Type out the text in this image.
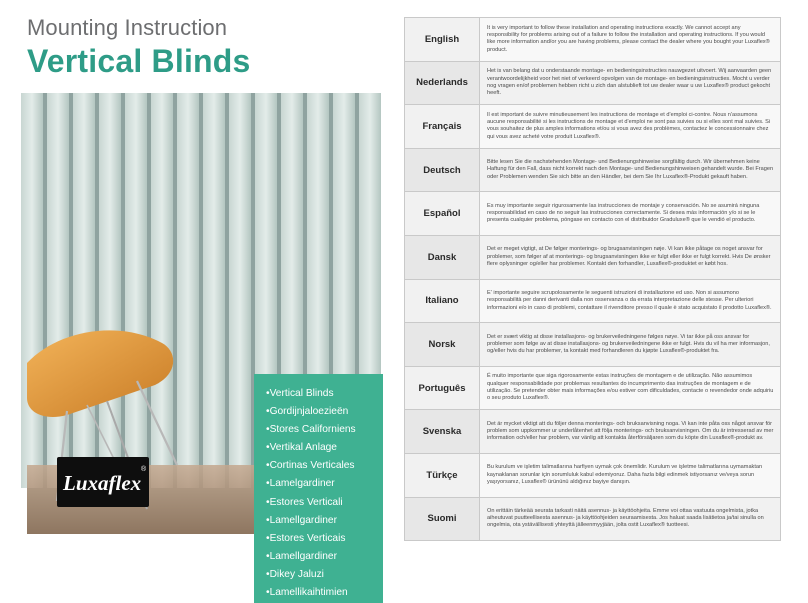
Mounting Instruction
Vertical Blinds
• Vertical Blinds
• Gordijnjaloezieën
• Stores Californiens
• Vertikal Anlage
• Cortinas Verticales
• Lamelgardiner
• Estores Verticali
• Lamellgardiner
• Estores Verticais
• Lamellgardiner
• Dikey Jaluzi
• Lamellikaihtimien
Luxaflex
®
English	It is very important to follow these installation and operating instructions exactly. We cannot accept any responsibility for problems arising out of a failure to follow the installation and operating instructions. If you would like more information and/or you are having problems, please contact the dealer where you bought your Luxaflex® product.
Nederlands	Het is van belang dat u onderstaande montage- en bedieningsinstructies nauwgezet uitvoert. Wij aanvaarden geen verantwoordelijkheid voor het niet of verkeerd opvolgen van de montage- en bedieningsinstructies. Mocht u verder nog vragen en/of problemen hebben richt u zich dan alstublieft tot uw dealer waar u uw Luxaflex® product gekocht heeft.
Français	Il est important de suivre minutieusement les instructions de montage et d'emploi ci-contre. Nous n'assumons aucune responsabilité si les instructions de montage et d'emploi ne sont pas suivies ou si elles sont mal suivies. Si vous souhaitez de plus amples informations et/ou si vous avez des problèmes, contactez le concessionnaire chez qui vous avez acheté votre produit Luxaflex®.
Deutsch	Bitte lesen Sie die nachstehenden Montage- und Bedienungshinweise sorgfältig durch. Wir übernehmen keine Haftung für den Fall, dass nicht korrekt nach den Montage- und Bedienungshinweisen gehandelt wurde. Bei Fragen oder Problemen wenden Sie sich bitte an den Händler, bei dem Sie Ihr Luxaflex®-Produkt gekauft haben.
Español	Es muy importante seguir rigurosamente las instrucciones de montaje y conservación. No se asumirá ninguna responsabilidad en caso de no seguir las instrucciones correctamente. Si desea más información y/o si se le presenta cualquier problema, póngase en contacto con el distribuidor Graduluxe® que le vendió el producto.
Dansk	Det er meget vigtigt, at De følger monterings- og brugsanvisningen nøje. Vi kan ikke påtage os noget ansvar for problemer, som følger af at monterings- og brugsanvisningen ikke er fulgt eller ikke er fulgt korrekt. Hvis De ønsker flere oplysninger og/eller har problemer. Kontakt den forhandler, Luxaflex®-produktet er købt hos.
Italiano	E' importante seguire scrupolosamente le seguenti istruzioni di installazione ed uso. Non si assumono responsabilità per danni derivanti dalla non osservanza o da errata interpretazione delle stesse. Per ulteriori informazioni e/o in caso di problemi, contattare il rivenditore presso il quale è stato acquistato il prodotto Luxaflex®.
Norsk	Det er svært viktig at disse installasjons- og brukerveiledningene følges nøye. Vi tar ikke på oss ansvar for problemer som følge av at disse installasjons- og brukerveiledningene ikke er fulgt. Hvis du vil ha mer informasjon, og/eller hvis du har problemer, ta kontakt med forhandleren du kjøpte Luxaflex®-produktet fra.
Português	É muito importante que siga rigorosamente estas instruções de montagem e de utilização. Não assumimos qualquer responsabilidade por problemas resultantes do incumprimento das instruções de montagem e de utilização. Se pretender obter mais informações e/ou estiver com dificuldades, contacte o revendedor onde adquiriu o seu produto Luxaflex®.
Svenska	Det är mycket viktigt att du följer denna monterings- och bruksanvisning noga. Vi kan inte påta oss något ansvar för problem som uppkommer ur underlåtenhet att följa monterings- och bruksanvisningen. Om du är intresserad av mer information och/eller har problem, var vänlig att kontakta återförsäljaren som du köpte din Luxaflex®-produkt av.
Türkçe	Bu kurulum ve işletim talimatlarına harfiyen uymak çok önemlidir. Kurulum ve işletme talimatlarına uymamaktan kaynaklanan sorunlar için sorumluluk kabul edemiyoruz. Daha fazla bilgi edinmek istiyorsanız ve/veya sorun yaşıyorsanız, Luxaflex® ürününü aldığınız bayiye danışın.
Suomi	On erittäin tärkeää seurata tarkasti näitä asennus- ja käyttöohjeita. Emme voi ottaa vastuuta ongelmista, jotka aiheutuvat puutteellisesta asennus- ja käyttöohjeiden seuraamisesta. Jos haluat saada lisätietoa ja/tai sinulla on ongelmia, ota ystävällisesti yhteyttä jälleenmyyjään, jolta ostit Luxaflex® tuotteesi.
